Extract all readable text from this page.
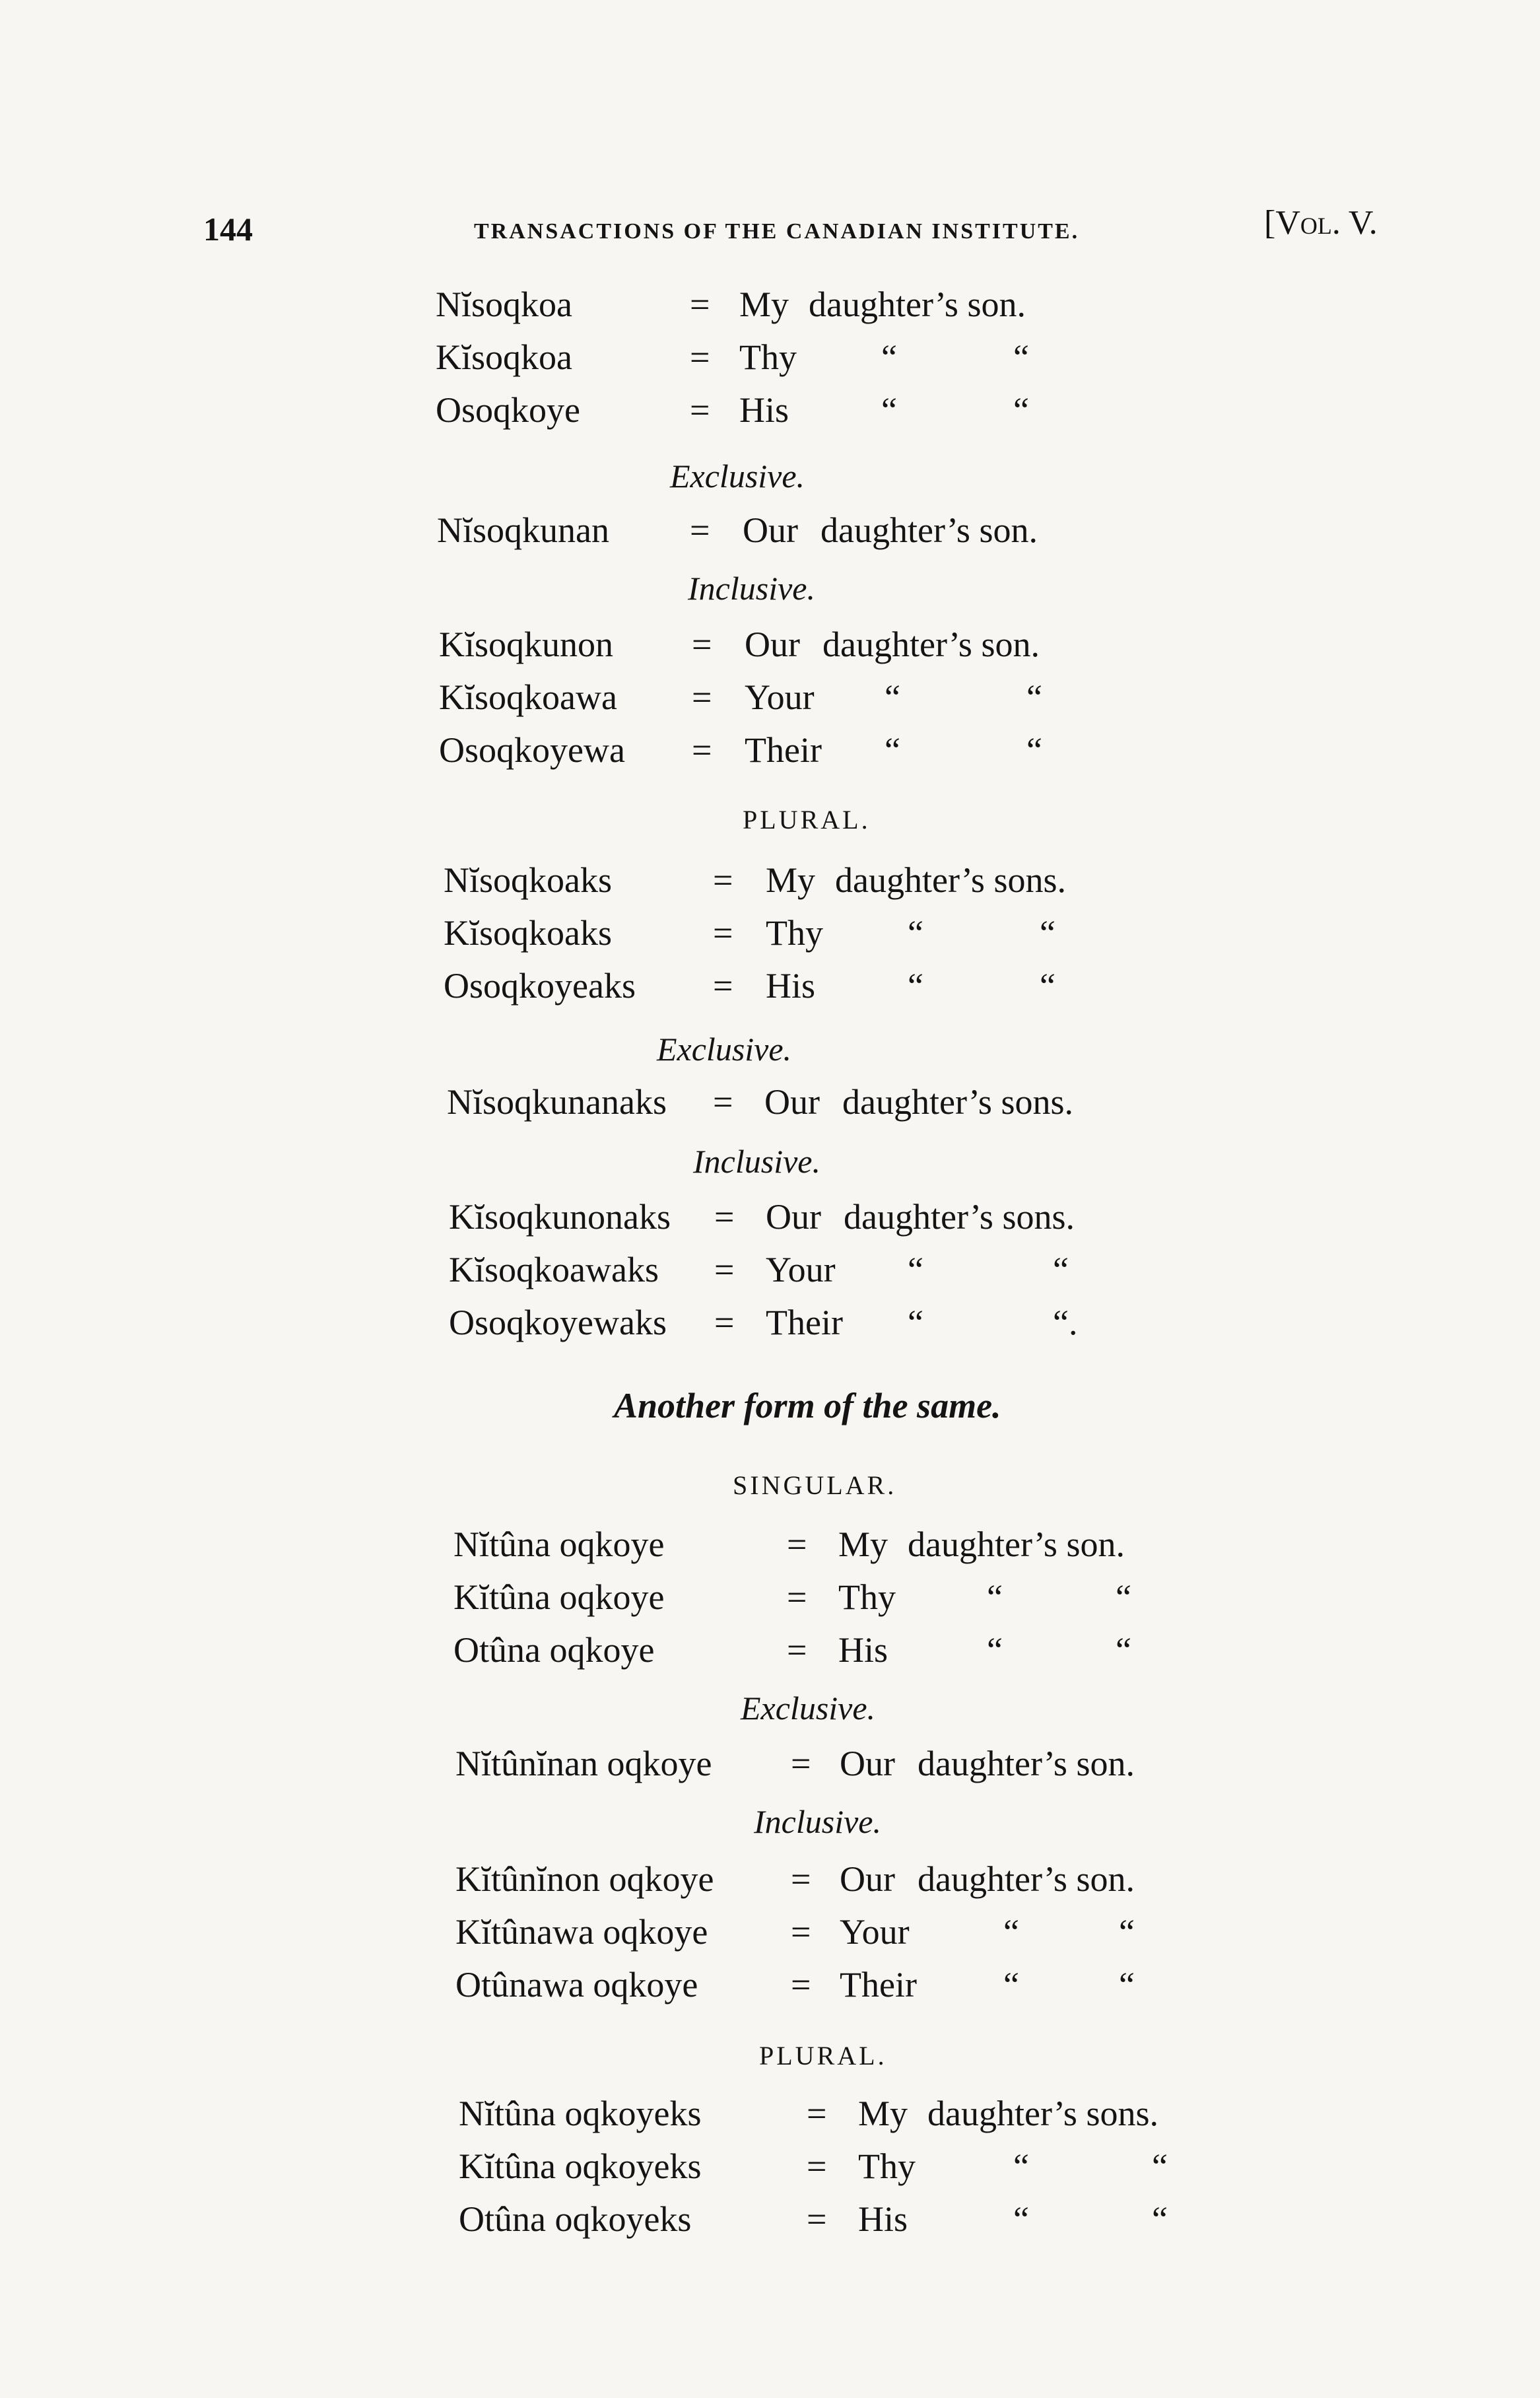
144	TRANSACTIONS OF THE CANADIAN INSTITUTE.	[Vol. V.
Exclusive.
Inclusive.
PLURAL.
Exclusive.
Inclusive.
Another form of the same.
SINGULAR.
Exclusive.
Inclusive.
PLURAL.
Nĭsoqkoa	= My daughter’s son.
Kĭsoqkoa	= Thy “	“
Osoqkoye	= His	“	“
Nĭsoqkunan = Our daughter’s son.
Kĭsoqkunon = Our daughter’s son.
Kĭsoqkoawa = Your “	“
Osoqkoyewa = Their “	“
Nĭsoqkoaks	= My daughter’s sons.
Kĭsoqkoaks	= Thy “	“
Osoqkoyeaks = His	“	“
Nĭsoqkunanaks = Our daughter’s sons.
Kĭsoqkunonaks = Our daughter’s sons.
Kĭsoqkoawaks = Your “	“
Osoqkoyewaks = Their “	“.
Nĭtûna oqkoye	= My daughter’s son.
Kĭtûna oqkoye	= Thy	“	“
Otûna oqkoye	= His	“	“
Nĭtûnĭnan oqkoye = Our daughter’s son.
Kĭtûnĭnon oqkoye = Our daughter’s son.
Kĭtûnawa oqkoye = Your	“	“
Otûnawa oqkoye	= Their “	“
Nĭtûna oqkoyeks	= My daughter’s sons.
Kĭtûna oqkoyeks	= Thy	“	“
Otûna oqkoyeks	= His	“	“
